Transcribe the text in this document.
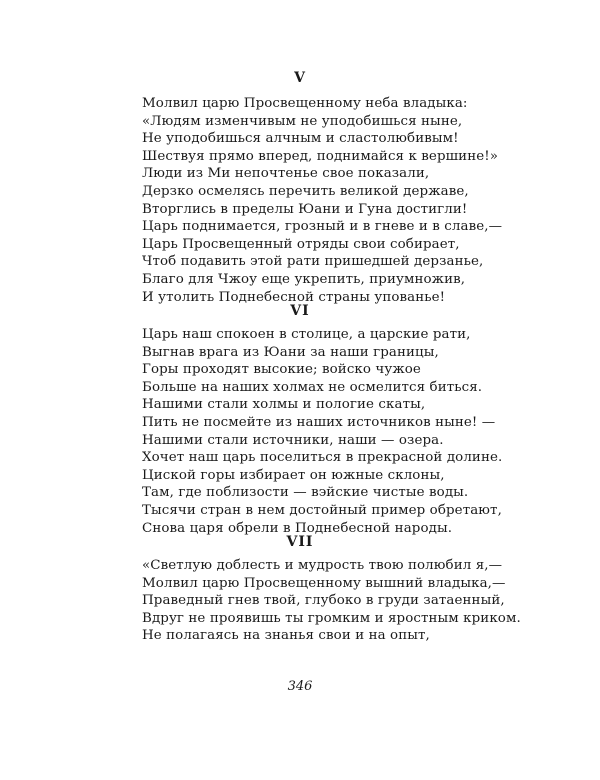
V
Молвил царю Просвещенному неба владыка:
«Людям изменчивым не уподобишься ныне,
Не уподобишься алчным и сластолюбивым!
Шествуя прямо вперед, поднимайся к вершине!»
Люди из Ми непочтенье свое показали,
Дерзко осмелясь перечить великой державе,
Вторглись в пределы Юани и Гуна достигли!
Царь поднимается, грозный и в гневе и в славе,—
Царь Просвещенный отряды свои собирает,
Чтоб подавить этой рати пришедшей дерзанье,
Благо для Чжоу еще укрепить, приумножив,
И утолить Поднебесной страны упованье!
VI
Царь наш спокоен в столице, а царские рати,
Выгнав врага из Юани за наши границы,
Горы проходят высокие; войско чужое
Больше на наших холмах не осмелится биться.
Нашими стали холмы и пологие скаты,
Пить не посмейте из наших источников ныне! —
Нашими стали источники, наши — озера.
Хочет наш царь поселиться в прекрасной долине.
Циской горы избирает он южные склоны,
Там, где поблизости — вэйские чистые воды.
Тысячи стран в нем достойный пример обретают,
Снова царя обрели в Поднебесной народы.
VII
«Светлую доблесть и мудрость твою полюбил я,—
Молвил царю Просвещенному вышний владыка,—
Праведный гнев твой, глубоко в груди затаенный,
Вдруг не проявишь ты громким и яростным криком.
Не полагаясь на знанья свои и на опыт,

346
